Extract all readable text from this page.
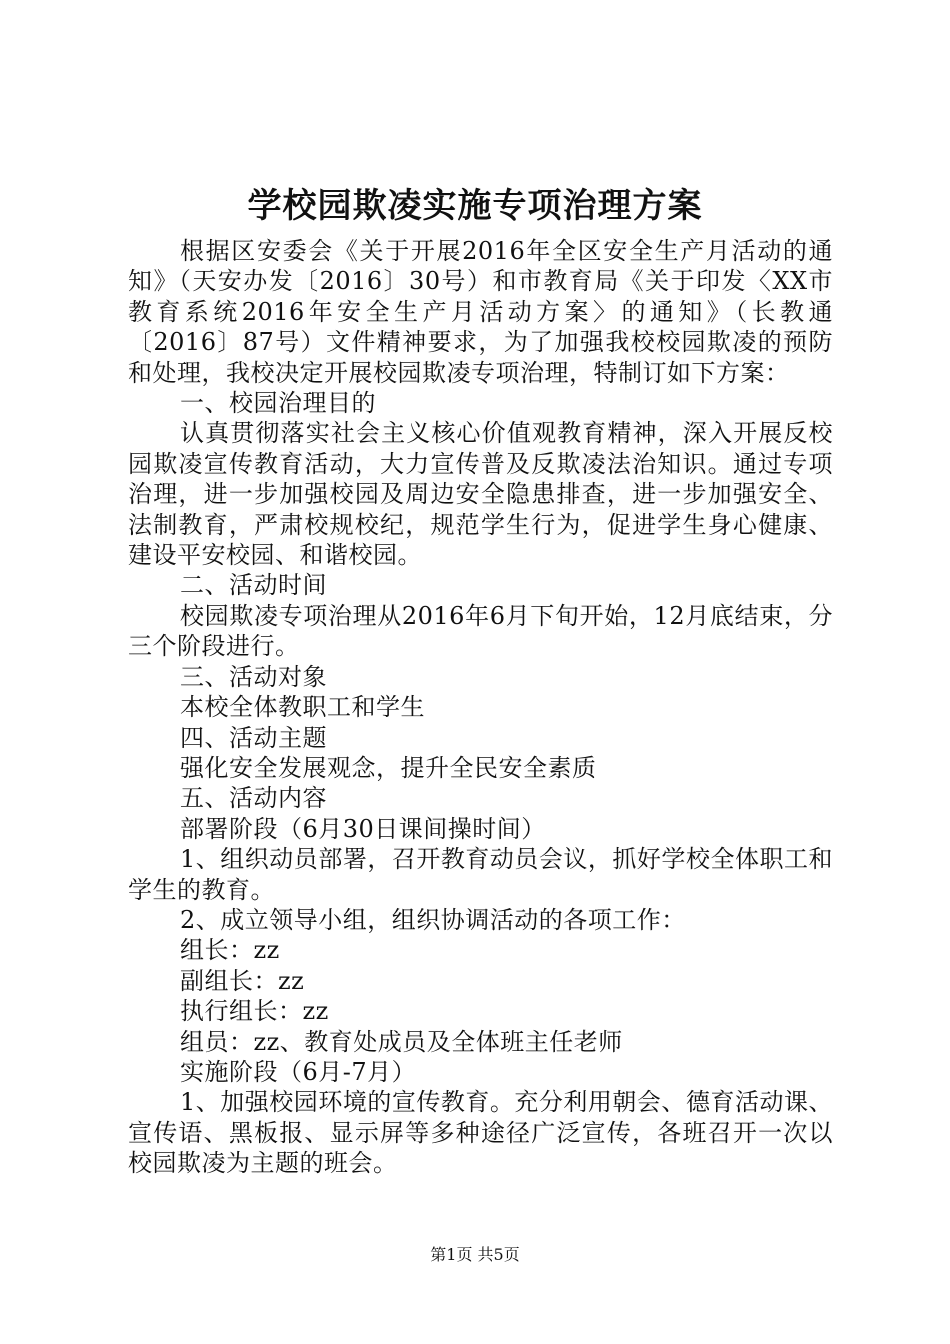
学校园欺凌实施专项治理方案

根据区安委会《关于开展2016年全区安全生产月活动的通知》（天安办发〔2016〕30号）和市教育局《关于印发〈XX市教育系统2016年安全生产月活动方案〉的通知》（长教通〔2016〕87号）文件精神要求，为了加强我校校园欺凌的预防和处理，我校决定开展校园欺凌专项治理，特制订如下方案：

一、校园治理目的

认真贯彻落实社会主义核心价值观教育精神，深入开展反校园欺凌宣传教育活动，大力宣传普及反欺凌法治知识。通过专项治理，进一步加强校园及周边安全隐患排查，进一步加强安全、法制教育，严肃校规校纪，规范学生行为，促进学生身心健康、建设平安校园、和谐校园。

二、活动时间

校园欺凌专项治理从2016年6月下旬开始，12月底结束，分三个阶段进行。

三、活动对象

本校全体教职工和学生

四、活动主题

强化安全发展观念，提升全民安全素质

五、活动内容

部署阶段（6月30日课间操时间）

1、组织动员部署，召开教育动员会议，抓好学校全体职工和学生的教育。

2、成立领导小组，组织协调活动的各项工作：

组长：zz

副组长：zz

执行组长：zz

组员：zz、教育处成员及全体班主任老师

实施阶段（6月-7月）

1、加强校园环境的宣传教育。充分利用朝会、德育活动课、宣传语、黑板报、显示屏等多种途径广泛宣传，各班召开一次以校园欺凌为主题的班会。

第1页 共5页
